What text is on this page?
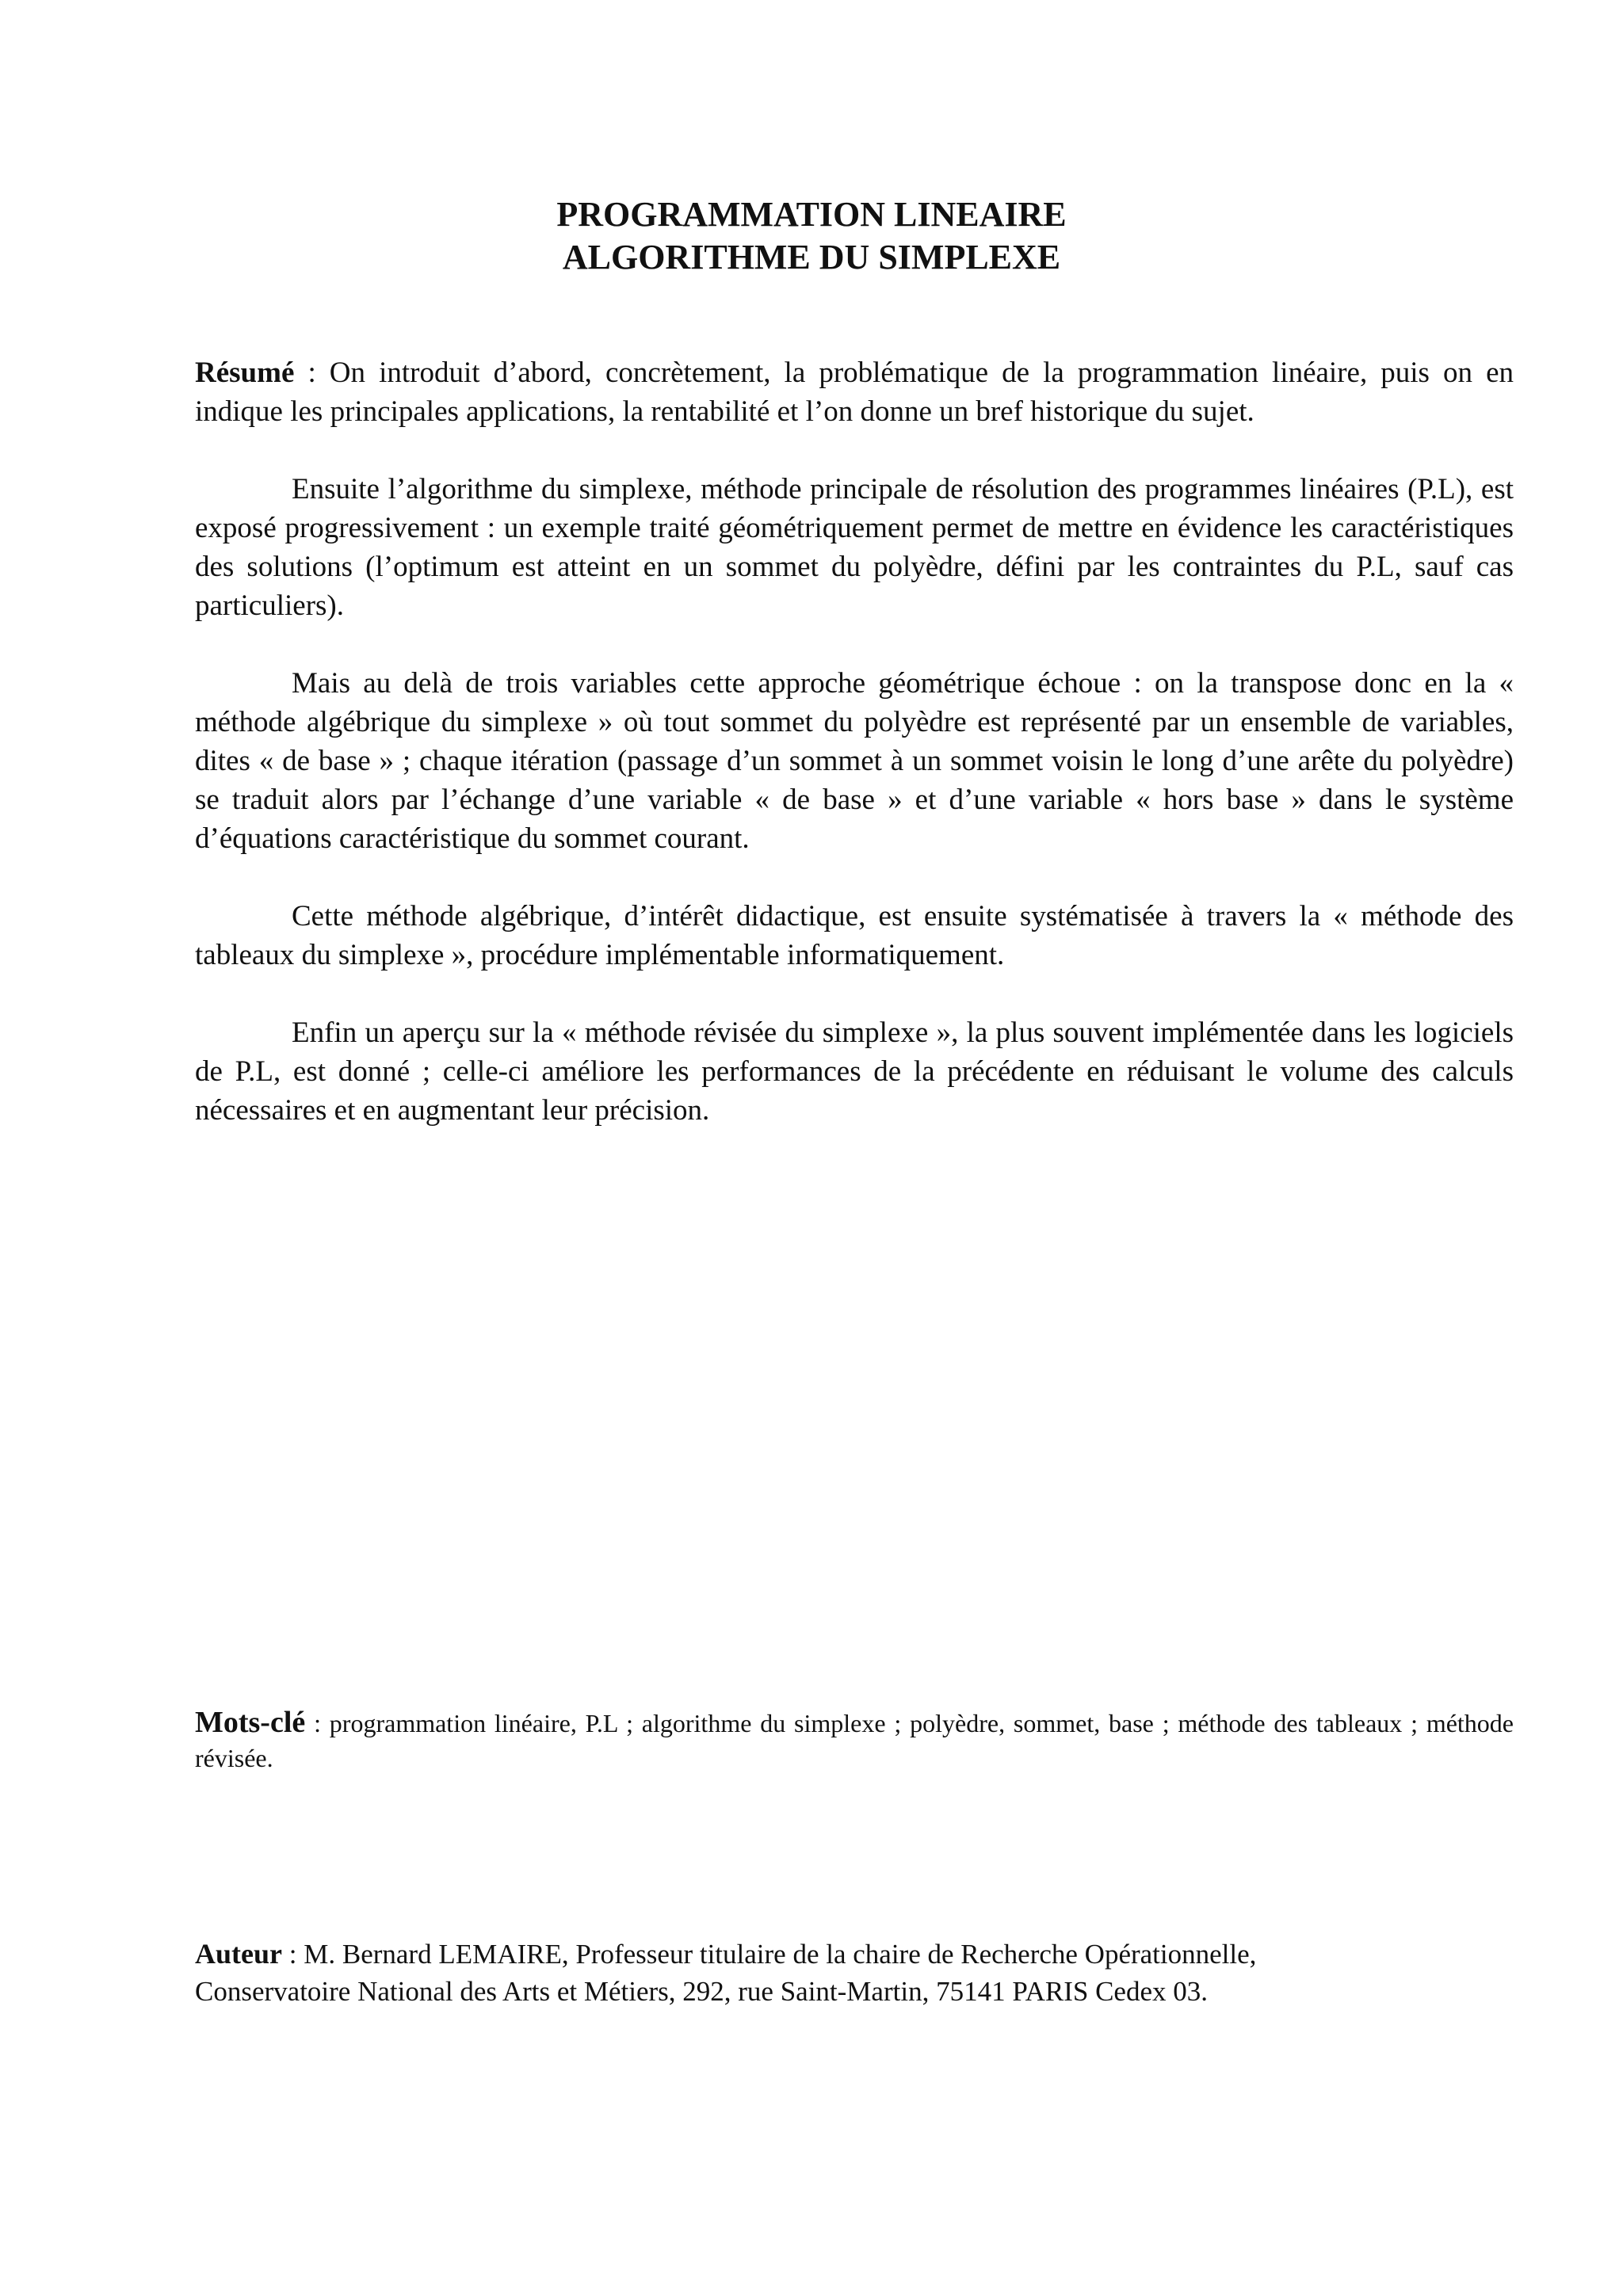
PROGRAMMATION LINEAIRE
ALGORITHME DU SIMPLEXE

Résumé : On introduit d’abord, concrètement, la problématique de la programmation linéaire, puis on en indique les principales applications, la rentabilité et l’on donne un bref historique du sujet.

Ensuite l’algorithme du simplexe, méthode principale de résolution des programmes linéaires (P.L), est exposé progressivement : un exemple traité géométriquement permet de mettre en évidence les caractéristiques des solutions (l’optimum est atteint en un sommet du polyèdre, défini par les contraintes du P.L, sauf cas particuliers).

Mais au delà de trois variables cette approche géométrique échoue : on la transpose donc en la « méthode algébrique du simplexe » où tout sommet du polyèdre est représenté par un ensemble de variables, dites « de base » ; chaque itération (passage d’un sommet à un sommet voisin le long d’une arête du polyèdre) se traduit alors par l’échange d’une variable « de base » et d’une variable « hors base » dans le système d’équations caractéristique du sommet courant.

Cette méthode algébrique, d’intérêt didactique, est ensuite systématisée à travers la « méthode des tableaux du simplexe », procédure implémentable informatiquement.

Enfin un aperçu sur la « méthode révisée du simplexe », la plus souvent implémentée dans les logiciels de P.L, est donné ; celle-ci améliore les performances de la précédente en réduisant le volume des calculs nécessaires et en augmentant leur précision.

Mots-clé : programmation linéaire, P.L ; algorithme du simplexe ; polyèdre, sommet, base ; méthode des tableaux ; méthode révisée.

Auteur : M. Bernard LEMAIRE, Professeur titulaire de la chaire de Recherche Opérationnelle,
Conservatoire National des Arts et Métiers, 292, rue Saint-Martin, 75141 PARIS Cedex 03.
